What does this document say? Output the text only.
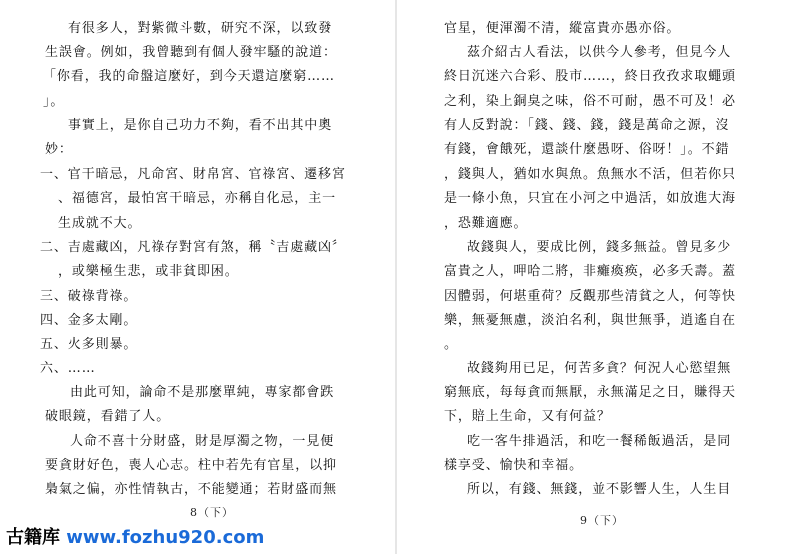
有很多人，對紫微斗數，研究不深，以致發
生誤會。例如，我曾聽到有個人發牢騷的說道：
「你看，我的命盤這麼好，到今天還這麼窮……
」。
事實上，是你自己功力不夠，看不出其中奧
妙：
一、官干暗忌，凡命宮、財帛宮、官祿宮、遷移宮
、福德宮，最怕宮干暗忌，亦稱自化忌，主一
生成就不大。
二、吉處藏凶，凡祿存對宮有煞，稱〝吉處藏凶〞
，或樂極生悲，或非貧即困。
三、破祿背祿。
四、金多太剛。
五、火多則暴。
六、……
由此可知，論命不是那麼單純，專家都會跌
破眼鏡，看錯了人。
人命不喜十分財盛，財是厚濁之物，一見便
要貪財好色，喪人心志。柱中若先有官星，以抑
梟氣之偏，亦性情執古，不能變通；若財盛而無
8（下）
官星，便渾濁不清，縱富貴亦愚亦俗。
茲介紹古人看法，以供今人參考，但見今人
終日沉迷六合彩、股市……，終日孜孜求取蠅頭
之利，染上銅臭之味，俗不可耐，愚不可及！必
有人反對說：「錢、錢、錢，錢是萬命之源，沒
有錢，會餓死，還談什麼愚呀、俗呀！」。不錯
，錢與人，猶如水與魚。魚無水不活，但若你只
是一條小魚，只宜在小河之中過活，如放進大海
，恐難適應。
故錢與人，要成比例，錢多無益。曾見多少
富貴之人，呷哈二將，非癱瘓痪，必多夭壽。蓋
因體弱，何堪重荷？反觀那些清貧之人，何等快
樂，無憂無慮，淡泊名利，與世無爭，逍遙自在
。
故錢夠用已足，何苦多貪？何況人心慾望無
窮無底，每每貪而無厭，永無滿足之日，賺得天
下，賠上生命，又有何益？
吃一客牛排過活，和吃一餐稀飯過活，是同
樣享受、愉快和幸福。
所以，有錢、無錢，並不影響人生，人生目
9（下）
古籍库 www.fozhu920.com
